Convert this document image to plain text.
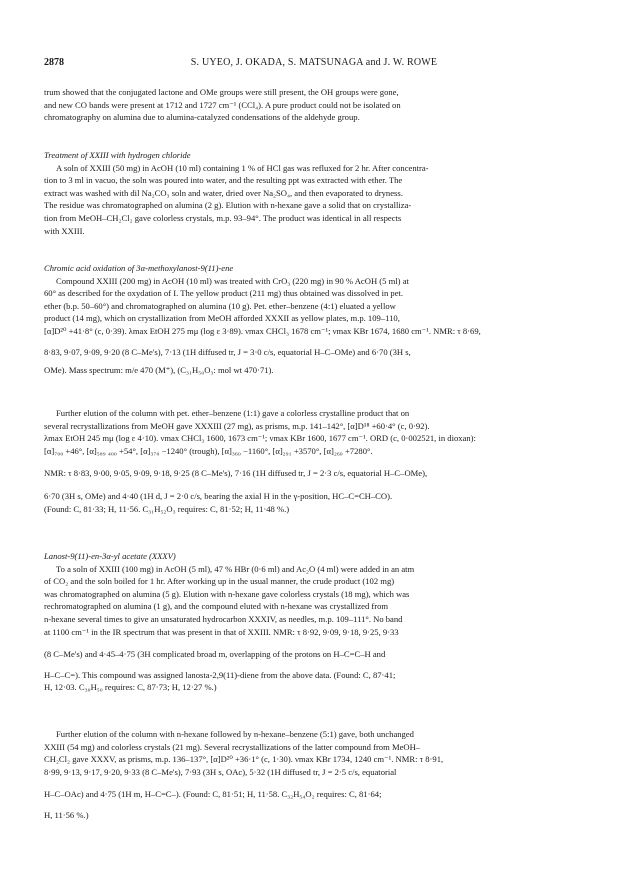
2878	S. UYEO, J. OKADA, S. MATSUNAGA and J. W. ROWE
trum showed that the conjugated lactone and OMe groups were still present, the OH groups were gone,
and new CO bands were present at 1712 and 1727 cm⁻¹ (CCl₄). A pure product could not be isolated on
chromatography on alumina due to alumina-catalyzed condensations of the aldehyde group.
Treatment of XXIII with hydrogen chloride
A soln of XXIII (50 mg) in AcOH (10 ml) containing 1 % of HCl gas was refluxed for 2 hr. After concentra-
tion to 3 ml in vacuo, the soln was poured into water, and the resulting ppt was extracted with ether. The
extract was washed with dil Na₂CO₃ soln and water, dried over Na₂SO₄, and then evaporated to dryness.
The residue was chromatographed on alumina (2 g). Elution with n-hexane gave a solid that on crystalliza-
tion from MeOH–CH₂Cl₂ gave colorless crystals, m.p. 93–94°. The product was identical in all respects
with XXIII.
Chromic acid oxidation of 3α-methoxylanost-9(11)-ene
Compound XXIII (200 mg) in AcOH (10 ml) was treated with CrO₃ (220 mg) in 90 % AcOH (5 ml) at
60° as described for the oxydation of I. The yellow product (211 mg) thus obtained was dissolved in pet.
ether (b.p. 50–60°) and chromatographed on alumina (10 g). Pet. ether–benzene (4:1) eluated a yellow
product (14 mg), which on crystallization from MeOH afforded XXXII as yellow plates, m.p. 109–110,
[α]D²⁰ +41·8° (c, 0·39). λmax EtOH 275 mμ (log ε 3·89). νmax CHCl₃ 1678 cm⁻¹; νmax KBr 1674, 1680 cm⁻¹. NMR: τ 8·69,
8·83, 9·07, 9·09, 9·20 (8 C–Me's), 7·13 (1H diffused tr, J = 3·0 c/s, equatorial H–C–OMe) and 6·70 (3H s,
OMe). Mass spectrum: m/e 470 (M⁺), (C₃₁H₅₀O₃: mol wt 470·71).
Further elution of the column with pet. ether–benzene (1:1) gave a colorless crystalline product that on
several recrystallizations from MeOH gave XXXIII (27 mg), as prisms, m.p. 141–142°, [α]D¹⁸ +60·4° (c, 0·92).
λmax EtOH 245 mμ (log ε 4·10). νmax CHCl₃ 1600, 1673 cm⁻¹; νmax KBr 1600, 1677 cm⁻¹. ORD (c, 0·002521, in dioxan):
[α]₇₀₀ +46°, [α]₅₈₉ ₄₀₀ +54°, [α]₃₇₀ −1240° (trough), [α]₃₆₀ −1160°, [α]₂₉₁ +3570°, [α]₂₆₀ +7280°.
NMR: τ 8·83, 9·00, 9·05, 9·09, 9·18, 9·25 (8 C–Me's), 7·16 (1H diffused tr, J = 2·3 c/s, equatorial H–C–OMe),
6·70 (3H s, OMe) and 4·40 (1H d, J = 2·0 c/s, bearing the axial H in the γ-position, HC–C=CH–CO).
(Found: C, 81·33; H, 11·56. C₃₁H₅₂O₃ requires: C, 81·52; H, 11·48 %.)
Lanost-9(11)-en-3α-yl acetate (XXXV)
To a soln of XXIII (100 mg) in AcOH (5 ml), 47 % HBr (0·6 ml) and Ac₂O (4 ml) were added in an atm
of CO₂ and the soln boiled for 1 hr. After working up in the usual manner, the crude product (102 mg)
was chromatographed on alumina (5 g). Elution with n-hexane gave colorless crystals (18 mg), which was
rechromatographed on alumina (1 g), and the compound eluted with n-hexane was crystallized from
n-hexane several times to give an unsaturated hydrocarbon XXXIV, as needles, m.p. 109–111°. No band
at 1100 cm⁻¹ in the IR spectrum that was present in that of XXIII. NMR: τ 8·92, 9·09, 9·18, 9·25, 9·33
(8 C–Me's) and 4·45–4·75 (3H complicated broad m, overlapping of the protons on H–C=C–H and
H–C–C=). This compound was assigned lanosta-2,9(11)-diene from the above data. (Found: C, 87·41;
H, 12·03. C₃₀H₅₀ requires: C, 87·73; H, 12·27 %.)
Further elution of the column with n-hexane followed by n-hexane–benzene (5:1) gave, both unchanged
XXIII (54 mg) and colorless crystals (21 mg). Several recrystallizations of the latter compound from MeOH–
CH₂Cl₂ gave XXXV, as prisms, m.p. 136–137°, [α]D²⁰ +36·1° (c, 1·30). νmax KBr 1734, 1240 cm⁻¹. NMR: τ 8·91,
8·99, 9·13, 9·17, 9·20, 9·33 (8 C–Me's), 7·93 (3H s, OAc), 5·32 (1H diffused tr, J = 2·5 c/s, equatorial
H–C–OAc) and 4·75 (1H m, H–C=C–). (Found: C, 81·51; H, 11·58. C₃₂H₅₄O₂ requires: C, 81·64;
H, 11·56 %.)
